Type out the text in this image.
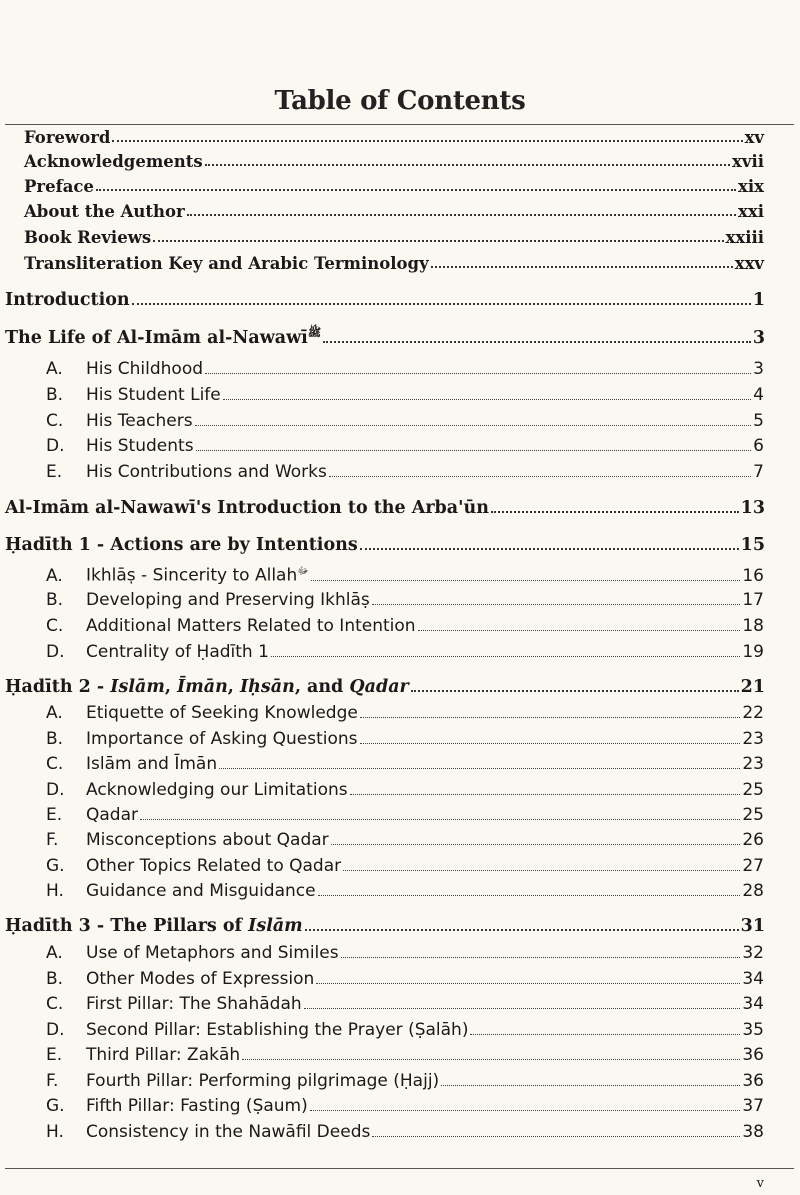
Table of Contents
Foreword	xv
Acknowledgements	xvii
Preface	xix
About the Author	xxi
Book Reviews	xxiii
Transliteration Key and Arabic Terminology	xxv
Introduction	1
The Life of Al-Imām al-Nawawī$^ﷺ$	3
A.	His Childhood	3
B.	His Student Life	4
C.	His Teachers	5
D.	His Students	6
E.	His Contributions and Works	7
Al-Imām al-Nawawī's Introduction to the Arba'ūn	13
Ḥadīth 1 - Actions are by Intentions	15
A.	Ikhlāṣ - Sincerity to Allah$^ﷻ$	16
B.	Developing and Preserving Ikhlāṣ	17
C.	Additional Matters Related to Intention	18
D.	Centrality of Ḥadīth 1	19
Ḥadīth 2 - Islām, Īmān, Iḥsān, and Qadar	21
A.	Etiquette of Seeking Knowledge	22
B.	Importance of Asking Questions	23
C.	Islām and Īmān	23
D.	Acknowledging our Limitations	25
E.	Qadar	25
F.	Misconceptions about Qadar	26
G.	Other Topics Related to Qadar	27
H.	Guidance and Misguidance	28
Ḥadīth 3 - The Pillars of Islām	31
A.	Use of Metaphors and Similes	32
B.	Other Modes of Expression	34
C.	First Pillar: The Shahādah	34
D.	Second Pillar: Establishing the Prayer (Ṣalāh)	35
E.	Third Pillar: Zakāh	36
F.	Fourth Pillar: Performing pilgrimage (Ḥajj)	36
G.	Fifth Pillar: Fasting (Ṣaum)	37
H.	Consistency in the Nawāfil Deeds	38
v
